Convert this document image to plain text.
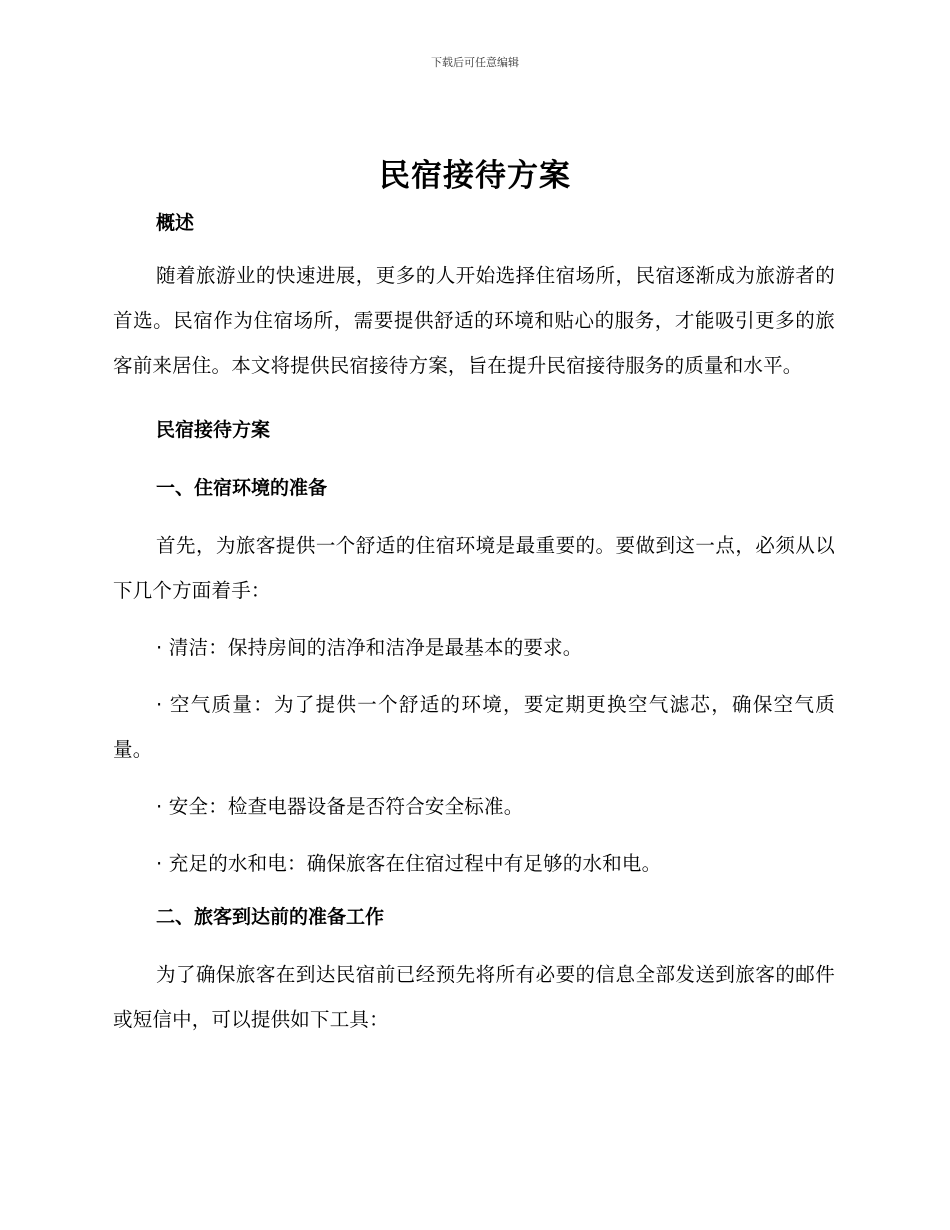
下载后可任意编辑
民宿接待方案
概述
随着旅游业的快速进展，更多的人开始选择住宿场所，民宿逐渐成为旅游者的首选。民宿作为住宿场所，需要提供舒适的环境和贴心的服务，才能吸引更多的旅客前来居住。本文将提供民宿接待方案，旨在提升民宿接待服务的质量和水平。
民宿接待方案
一、住宿环境的准备
首先，为旅客提供一个舒适的住宿环境是最重要的。要做到这一点，必须从以下几个方面着手：
· 清洁：保持房间的洁净和洁净是最基本的要求。
· 空气质量：为了提供一个舒适的环境，要定期更换空气滤芯，确保空气质量。
· 安全：检查电器设备是否符合安全标准。
· 充足的水和电：确保旅客在住宿过程中有足够的水和电。
二、旅客到达前的准备工作
为了确保旅客在到达民宿前已经预先将所有必要的信息全部发送到旅客的邮件或短信中，可以提供如下工具：
